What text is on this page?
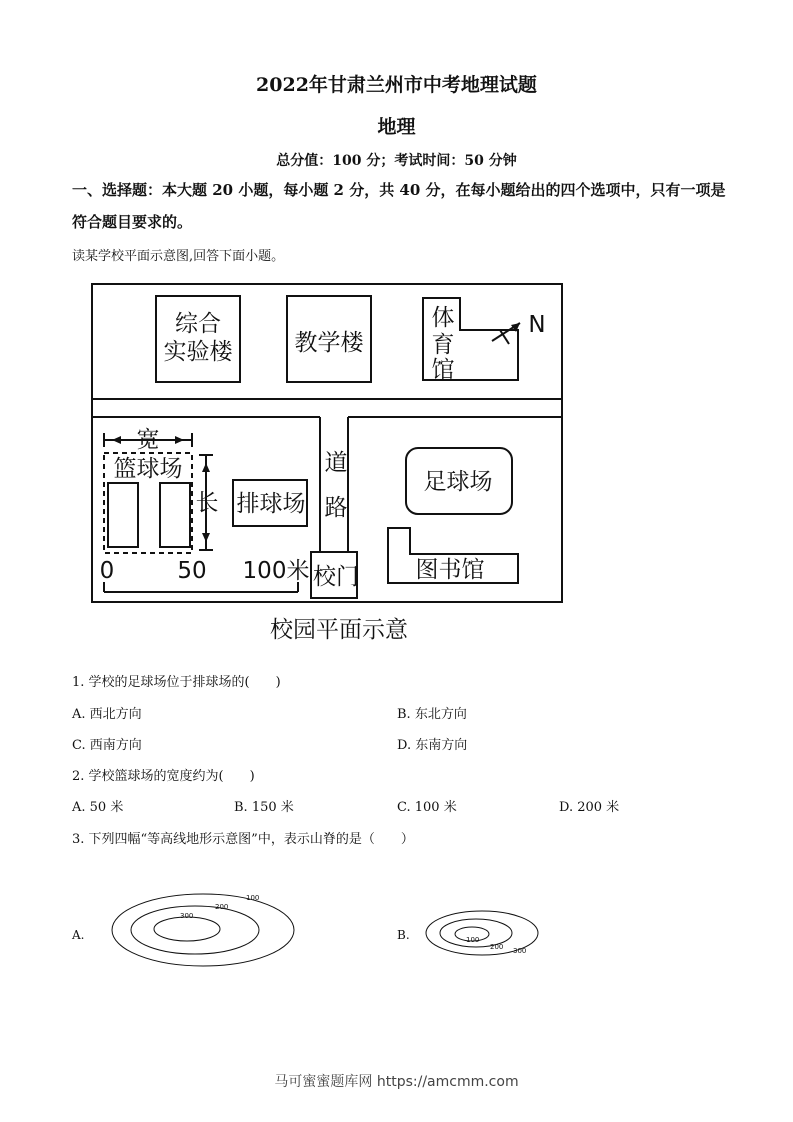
2022年甘肃兰州市中考地理试题
地理
总分值：100 分；考试时间：50 分钟
一、选择题：本大题 20 小题，每小题 2 分，共 40 分，在每小题给出的四个选项中，只有一项是符合题目要求的。
读某学校平面示意图,回答下面小题。
综合
实验楼	教学楼
体
育
馆
N
宽
篮球场
长 排球场
道
路
足球场
图书馆
校门
0	50 100米
校园平面示意
1. 学校的足球场位于排球场的(　　)
A. 西北方向	B. 东北方向
C. 西南方向	D. 东南方向
2. 学校篮球场的宽度约为(　　)
A. 50 米	B. 150 米	C. 100 米	D. 200 米
3. 下列四幅“等高线地形示意图”中，表示山脊的是（　　）
A.	B.
100
200
300
100
200 300
马可蜜蜜题库网 https://amcmm.com
